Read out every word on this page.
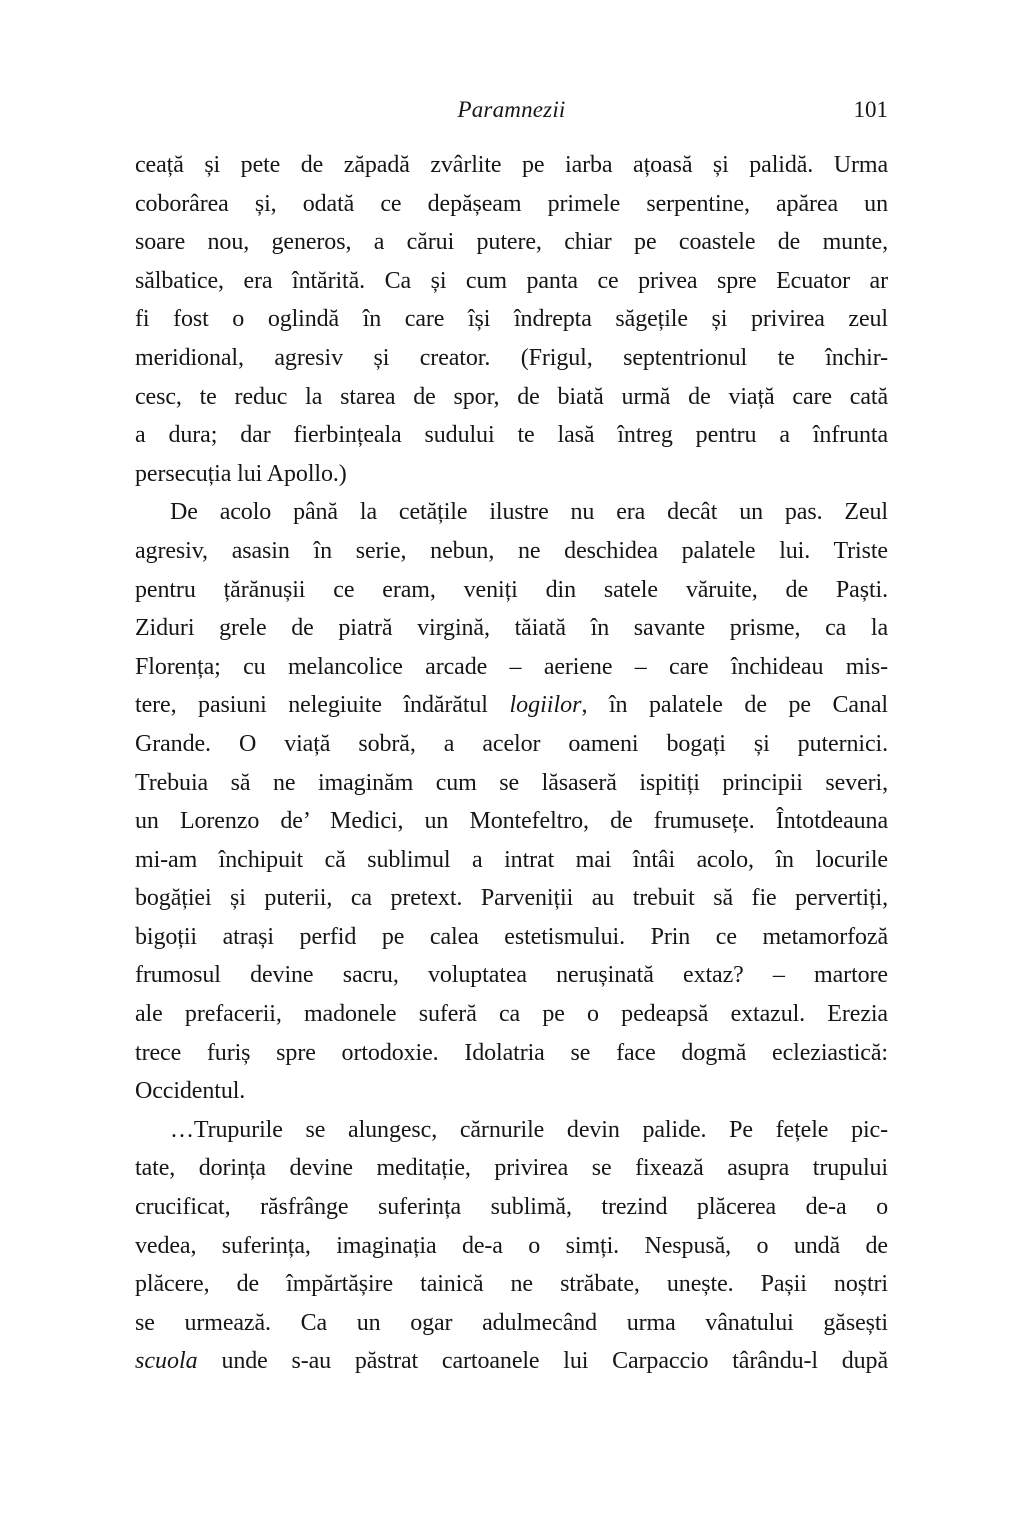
Paramnezii	101
ceață și pete de zăpadă zvârlite pe iarba ațoasă și palidă. Urma
coborârea și, odată ce depășeam primele serpentine, apărea un
soare nou, generos, a cărui putere, chiar pe coastele de munte,
sălbatice, era întărită. Ca și cum panta ce privea spre Ecuator ar
fi fost o oglindă în care își îndrepta săgețile și privirea zeul
meridional, agresiv și creator. (Frigul, septentrionul te închir-
cesc, te reduc la starea de spor, de biată urmă de viață care cată
a dura; dar fierbințeala sudului te lasă întreg pentru a înfrunta
persecuția lui Apollo.)
De acolo până la cetățile ilustre nu era decât un pas. Zeul
agresiv, asasin în serie, nebun, ne deschidea palatele lui. Triste
pentru țărănușii ce eram, veniți din satele văruite, de Paști.
Ziduri grele de piatră virgină, tăiată în savante prisme, ca la
Florența; cu melancolice arcade – aeriene – care închideau mis-
tere, pasiuni nelegiuite îndărătul logiilor, în palatele de pe Canal
Grande. O viață sobră, a acelor oameni bogați și puternici.
Trebuia să ne imaginăm cum se lăsaseră ispitiți principii severi,
un Lorenzo de’ Medici, un Montefeltro, de frumusețe. Întotdeauna
mi-am închipuit că sublimul a intrat mai întâi acolo, în locurile
bogăției și puterii, ca pretext. Parveniții au trebuit să fie pervertiți,
bigoții atrași perfid pe calea estetismului. Prin ce metamorfoză
frumosul devine sacru, voluptatea nerușinată extaz? – martore
ale prefacerii, madonele suferă ca pe o pedeapsă extazul. Erezia
trece furiș spre ortodoxie. Idolatria se face dogmă ecleziastică:
Occidentul.
…Trupurile se alungesc, cărnurile devin palide. Pe fețele pic-
tate, dorința devine meditație, privirea se fixează asupra trupului
crucificat, răsfrânge suferința sublimă, trezind plăcerea de-a o
vedea, suferința, imaginația de-a o simți. Nespusă, o undă de
plăcere, de împărtășire tainică ne străbate, unește. Pașii noștri
se urmează. Ca un ogar adulmecând urma vânatului găsești
scuola unde s-au păstrat cartoanele lui Carpaccio târându-l după
